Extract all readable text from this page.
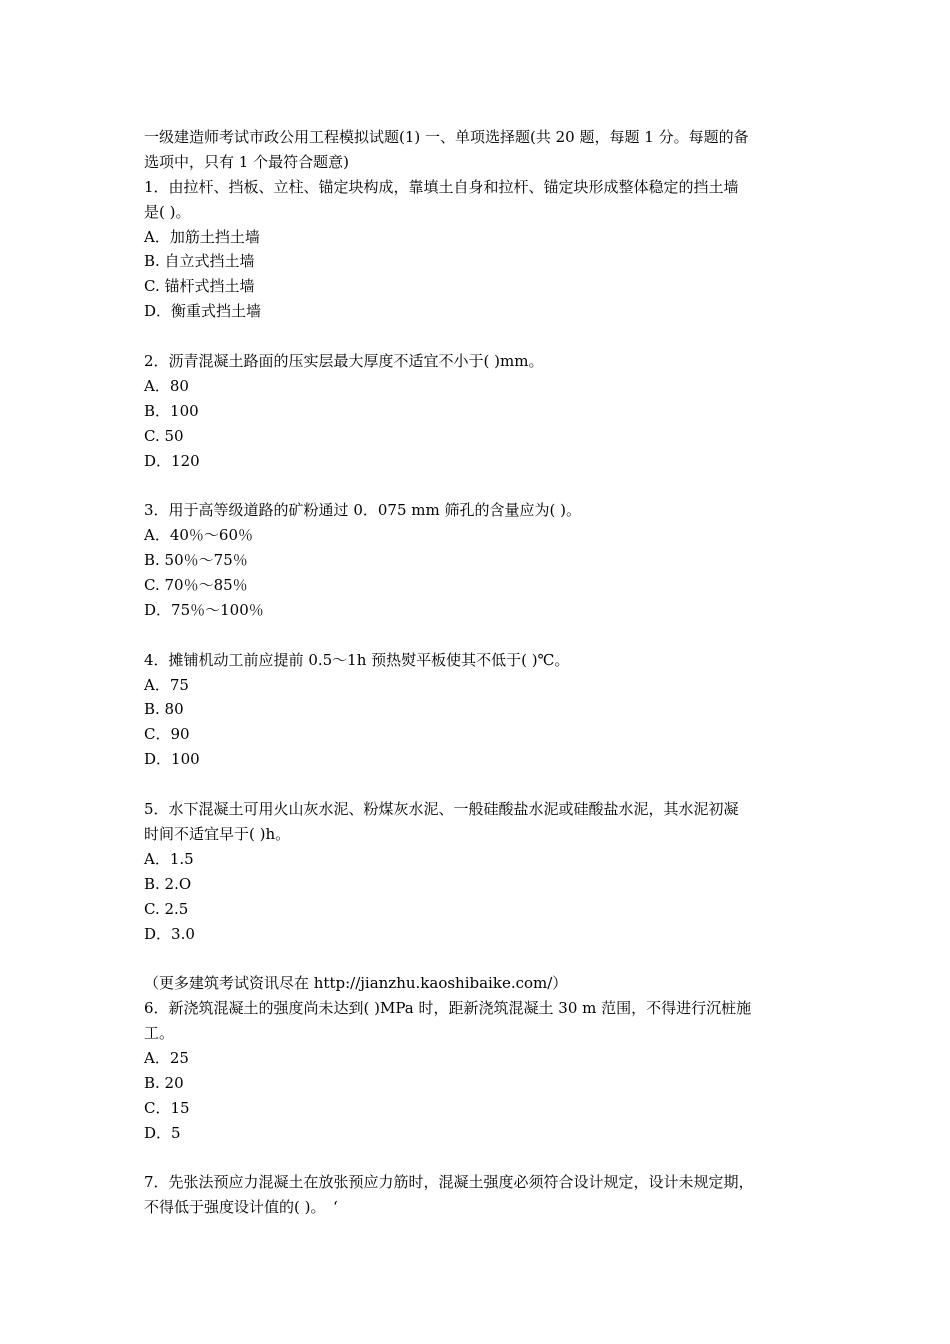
一级建造师考试市政公用工程模拟试题(1) 一、单项选择题(共 20 题，每题 1 分。每题的备
选项中，只有 1 个最符合题意)
1．由拉杆、挡板、立柱、锚定块构成，靠填土自身和拉杆、锚定块形成整体稳定的挡土墙
是( )。
A．加筋土挡土墙
B. 自立式挡土墙
C. 锚杆式挡土墙
D．衡重式挡土墙
2．沥青混凝土路面的压实层最大厚度不适宜不小于( )mm。
A．80
B．100
C. 50
D．120
3．用于高等级道路的矿粉通过 0．075 mm 筛孔的含量应为( )。
A．40％～60％
B. 50％～75％
C. 70％～85％
D．75％～100％
4．摊铺机动工前应提前 0.5～1h 预热熨平板使其不低于( )℃。
A．75
B. 80
C．90
D．100
5．水下混凝土可用火山灰水泥、粉煤灰水泥、一般硅酸盐水泥或硅酸盐水泥，其水泥初凝
时间不适宜早于( )h。
A．1.5
B. 2.O
C. 2.5
D．3.0
（更多建筑考试资讯尽在 http://jianzhu.kaoshibaike.com/）
6．新浇筑混凝土的强度尚未达到( )MPa 时，距新浇筑混凝土 30 m 范围，不得进行沉桩施
工。
A．25
B. 20
C．15
D．5
7．先张法预应力混凝土在放张预应力筋时，混凝土强度必须符合设计规定，设计未规定期，
不得低于强度设计值的( )。　‘
